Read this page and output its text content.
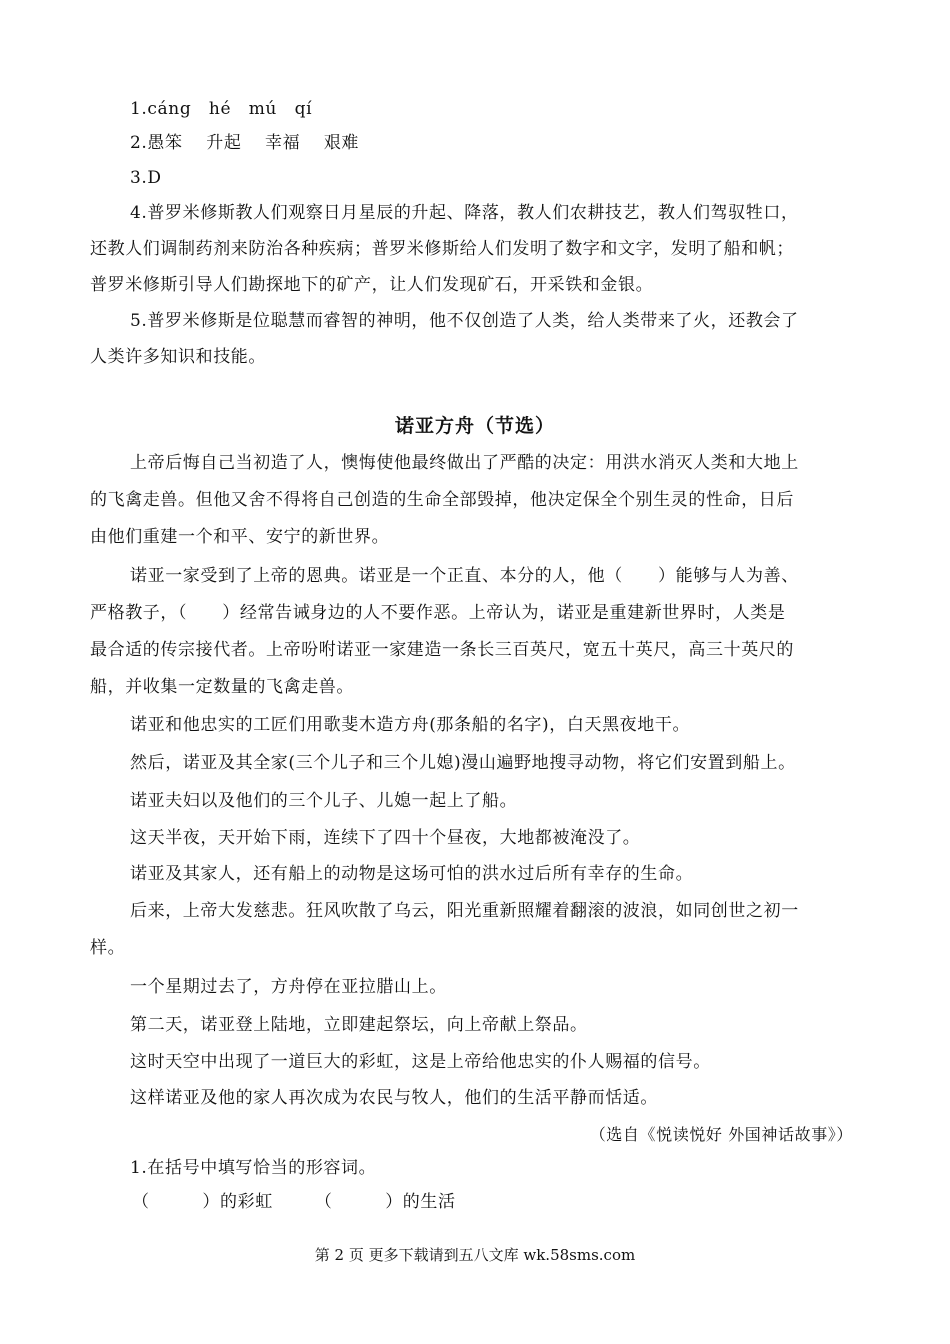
1.cáng　hé　mú　qí
2.愚笨　 升起　 幸福　 艰难
3.D
4.普罗米修斯教人们观察日月星辰的升起、降落，教人们农耕技艺，教人们驾驭牲口，
还教人们调制药剂来防治各种疾病；普罗米修斯给人们发明了数字和文字，发明了船和帆；
普罗米修斯引导人们勘探地下的矿产，让人们发现矿石，开采铁和金银。
5.普罗米修斯是位聪慧而睿智的神明，他不仅创造了人类，给人类带来了火，还教会了
人类许多知识和技能。
诺亚方舟（节选）
上帝后悔自己当初造了人，懊悔使他最终做出了严酷的决定：用洪水消灭人类和大地上
的飞禽走兽。但他又舍不得将自己创造的生命全部毁掉，他决定保全个别生灵的性命，日后
由他们重建一个和平、安宁的新世界。
诺亚一家受到了上帝的恩典。诺亚是一个正直、本分的人，他（　　）能够与人为善、
严格教子，（　　）经常告诫身边的人不要作恶。上帝认为，诺亚是重建新世界时，人类是
最合适的传宗接代者。上帝吩咐诺亚一家建造一条长三百英尺，宽五十英尺，高三十英尺的
船，并收集一定数量的飞禽走兽。
诺亚和他忠实的工匠们用歌斐木造方舟(那条船的名字)，白天黑夜地干。
然后，诺亚及其全家(三个儿子和三个儿媳)漫山遍野地搜寻动物，将它们安置到船上。
诺亚夫妇以及他们的三个儿子、儿媳一起上了船。
这天半夜，天开始下雨，连续下了四十个昼夜，大地都被淹没了。
诺亚及其家人，还有船上的动物是这场可怕的洪水过后所有幸存的生命。
后来，上帝大发慈悲。狂风吹散了乌云，阳光重新照耀着翻滚的波浪，如同创世之初一
样。
一个星期过去了，方舟停在亚拉腊山上。
第二天，诺亚登上陆地，立即建起祭坛，向上帝献上祭品。
这时天空中出现了一道巨大的彩虹，这是上帝给他忠实的仆人赐福的信号。
这样诺亚及他的家人再次成为农民与牧人，他们的生活平静而恬适。
（选自《悦读悦好 外国神话故事》）
1.在括号中填写恰当的形容词。
（　　　）的彩虹 （　　　）的生活
第 2 页 更多下载请到五八文库 wk.58sms.com
